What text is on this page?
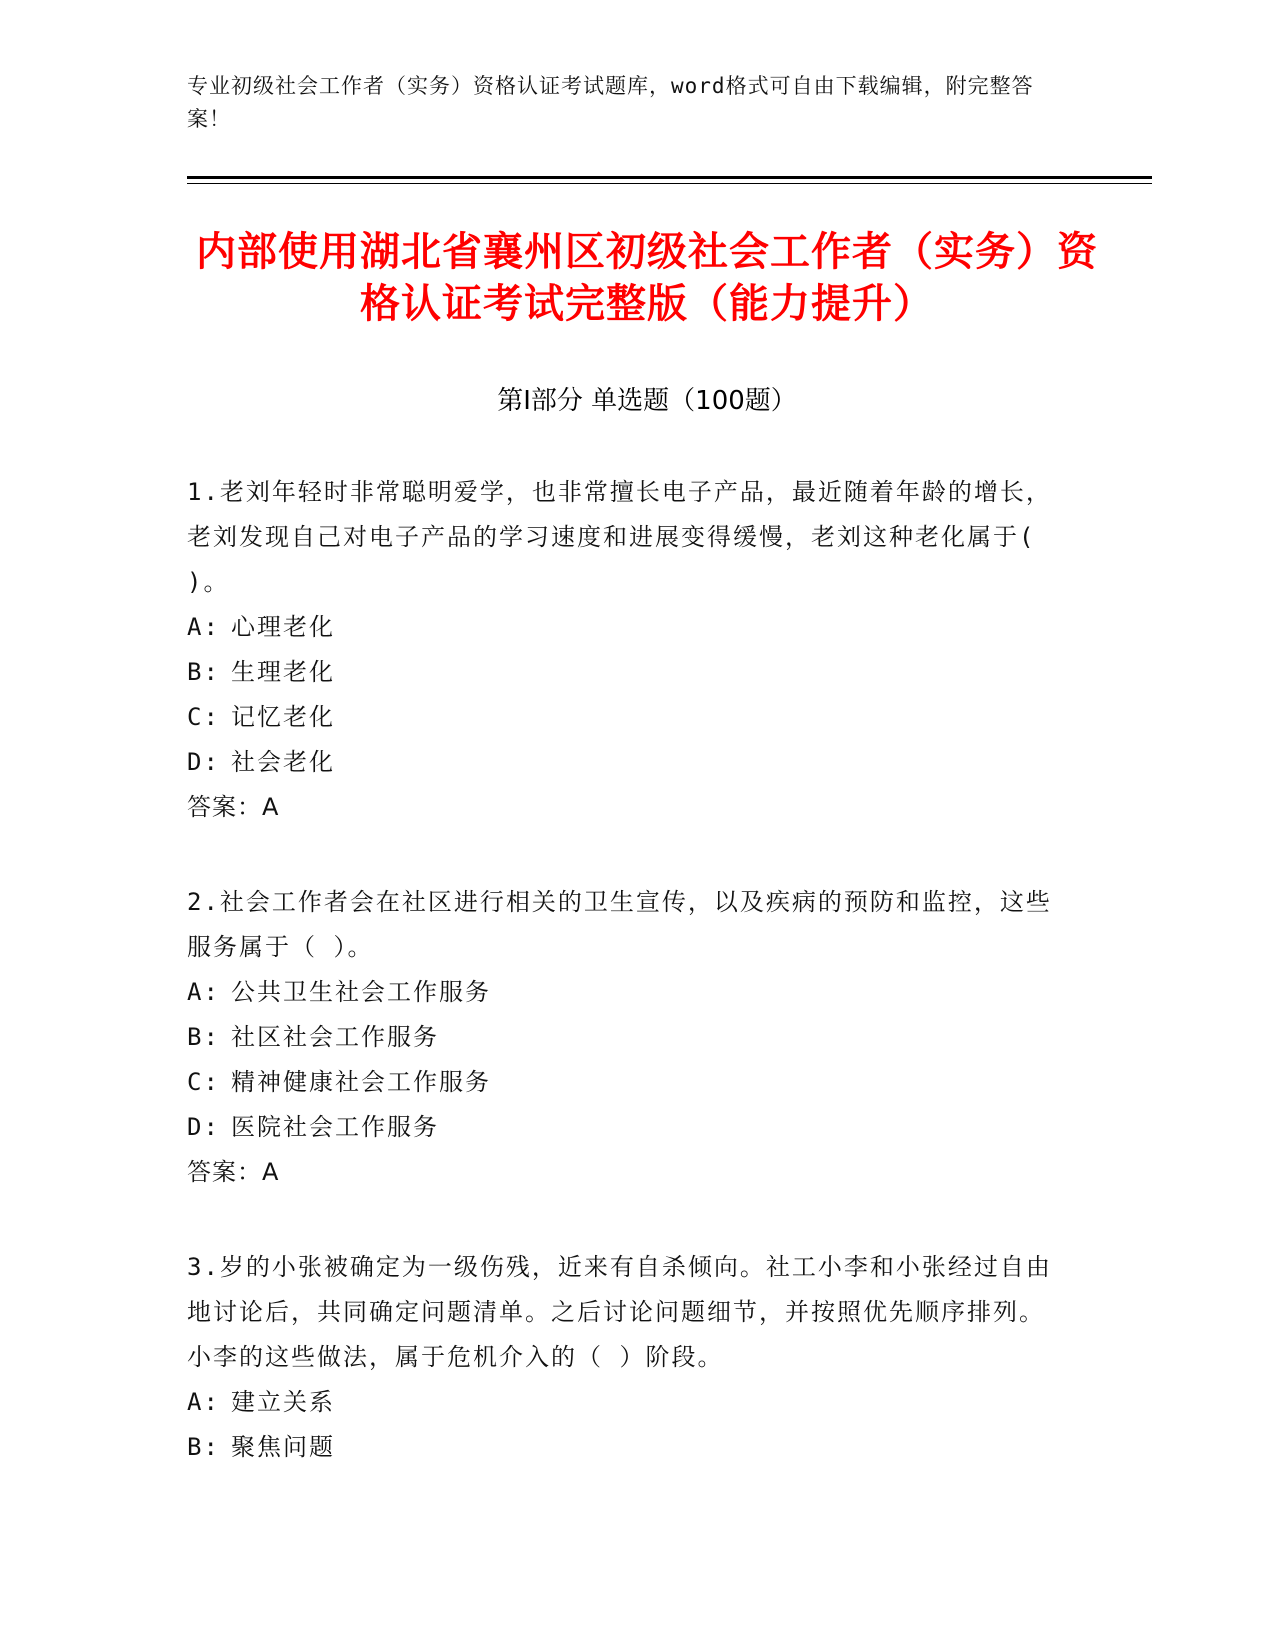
专业初级社会工作者（实务）资格认证考试题库，word格式可自由下载编辑，附完整答案！
内部使用湖北省襄州区初级社会工作者（实务）资格认证考试完整版（能力提升）
第Ⅰ部分 单选题（100题）
1.老刘年轻时非常聪明爱学，也非常擅长电子产品，最近随着年龄的增长，老刘发现自己对电子产品的学习速度和进展变得缓慢，老刘这种老化属于( )。
A: 心理老化
B: 生理老化
C: 记忆老化
D: 社会老化
答案：A
2.社会工作者会在社区进行相关的卫生宣传，以及疾病的预防和监控，这些服务属于（ ）。
A: 公共卫生社会工作服务
B: 社区社会工作服务
C: 精神健康社会工作服务
D: 医院社会工作服务
答案：A
3.岁的小张被确定为一级伤残，近来有自杀倾向。社工小李和小张经过自由地讨论后，共同确定问题清单。之后讨论问题细节，并按照优先顺序排列。小李的这些做法，属于危机介入的（ ）阶段。
A: 建立关系
B: 聚焦问题
